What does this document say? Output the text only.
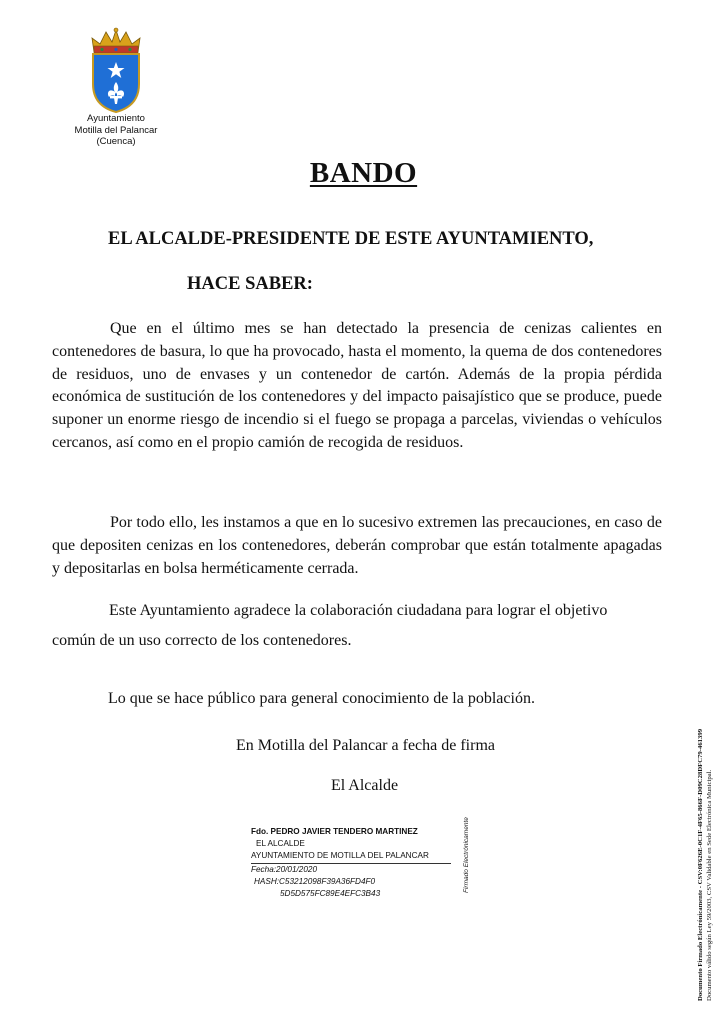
Ayuntamiento
Motilla del Palancar
(Cuenca)
BANDO
EL ALCALDE-PRESIDENTE DE ESTE AYUNTAMIENTO,
HACE SABER:

Que en el último mes se han detectado la presencia de cenizas calientes en contenedores de basura, lo que ha provocado, hasta el momento, la quema de dos contenedores de residuos, uno de envases y un contenedor de cartón. Además de la propia pérdida económica de sustitución de los contenedores y del impacto paisajístico que se produce, puede suponer un enorme riesgo de incendio si el fuego se propaga a parcelas, viviendas o vehículos cercanos, así como en el propio camión de recogida de residuos.

Por todo ello, les instamos a que en lo sucesivo extremen las precauciones, en caso de que depositen cenizas en los contenedores, deberán comprobar que están totalmente apagadas y depositarlas en bolsa herméticamente cerrada.

Este Ayuntamiento agradece la colaboración ciudadana para lograr el objetivo
común de un uso correcto de los contenedores.
Lo que se hace público para general conocimiento de la población.
En Motilla del Palancar a fecha de firma
El Alcalde
Fdo. PEDRO JAVIER TENDERO MARTINEZ
EL ALCALDE
AYUNTAMIENTO DE MOTILLA DEL PALANCAR
Fecha:20/01/2020
HASH:C53212098F39A36FD4F0
5D5D575FC89E4EFC3B43
Firmado Electrónicamente	Documento Firmado Electrónicamente - CSV:0F626E-0C1F-4F65-866F-D09C28DFC79-461399 Documento válido según Ley 59/2003, CSV Validable en Sede Electrónica Municipal.
